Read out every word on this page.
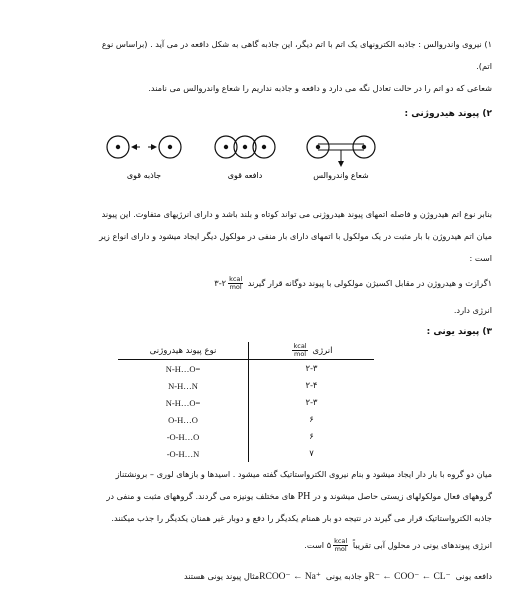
۱) نیروی واندروالس : جاذبه الکترونهای یک اتم با اتم دیگر، این جاذبه گاهی به شکل دافعه در می آید . (براساس نوع
اتم).
شعاعی که دو اتم را در حالت تعادل نگه می دارد و دافعه و جاذبه نداریم را شعاع واندروالس می نامند.
۲) پیوند هیدروژنی :
جاذبه قوی	دافعه قوی	شعاع واندروالس
بنابر نوع اتم هیدروژن و فاصله اتمهای پیوند هیدروژنی می تواند کوتاه و بلند باشد و دارای انرژیهای متفاوت. این پیوند
میان اتم هیدروژن با بار مثبت در یک مولکول با اتمهای دارای بار منفی در مولکول دیگر ایجاد میشود و دارای انواع زیر
است :
۱گرازت و هیدروژن در مقابل اکسیژن مولکولی با پیوند دوگانه قرار گیرند
$\frac{\text{kcal}}{\text{mol}}$
۲-۳
انرژی دارد.
۳) پیوند یونی :
نوع پیوند هیدروژنی	انرژی
$\frac{\text{kcal}}{\text{mol}}$

N-H…O=	۲-۳
N-H…N	۲-۴
N-H…O=	۲-۳
O-H…O	۶
-O-H…O	۶
-O-H…N	۷
میان دو گروه با بار دار ایجاد میشود و بنام نیروی الکترواستاتیک گفته میشود . اسیدها و بازهای لوری – برونشتناز
گروههای فعال مولکولهای زیستی حاصل میشوند و در PH های مختلف یونیزه می گردند. گروههای مثبت و منفی در
جاذبه الکترواستاتیک قرار می گیرند در نتیجه دو بار همنام یکدیگر را دفع و دوبار غیر همنان یکدیگر را جذب میکنند.
انرژی پیوندهای یونی در محلول آبی تقریباً
$\frac{\text{kcal}}{\text{mol}}$
۵ است.
دافعه یونی R⁻ ← COO⁻ ← CL⁻ و جاذبه یونی RCOO⁻ ← Na⁺ مثال پیوند یونی هستند
